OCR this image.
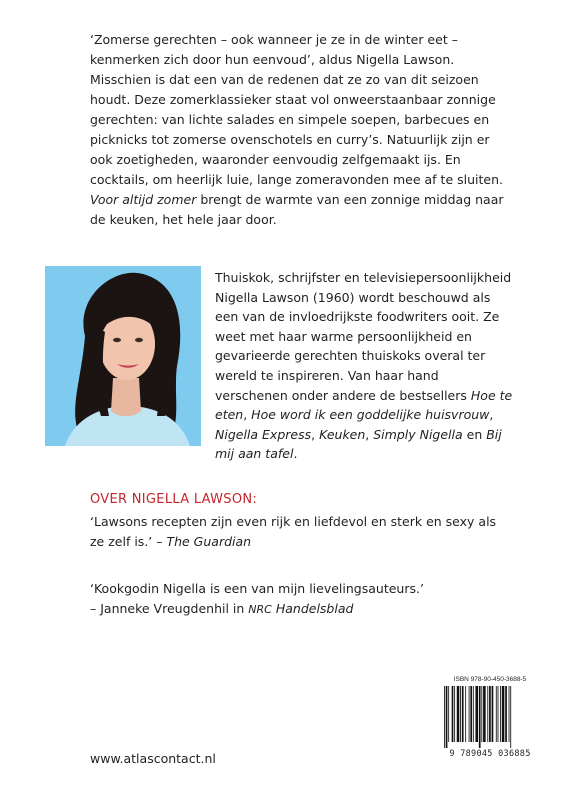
‘Zomerse gerechten – ook wanneer je ze in de winter eet – kenmerken zich door hun eenvoud’, aldus Nigella Lawson. Misschien is dat een van de redenen dat ze zo van dit seizoen houdt. Deze zomerklassieker staat vol onweerstaanbaar zonnige gerechten: van lichte salades en simpele soepen, barbecues en picknicks tot zomerse ovenschotels en curry’s. Natuurlijk zijn er ook zoetigheden, waaronder eenvoudig zelfgemaakt ijs. En cocktails, om heerlijk luie, lange zomeravonden mee af te sluiten. Voor altijd zomer brengt de warmte van een zonnige middag naar de keuken, het hele jaar door.

Thuiskok, schrijfster en televisiepersoonlijkheid Nigella Lawson (1960) wordt beschouwd als een van de invloedrijkste foodwriters ooit. Ze weet met haar warme persoonlijkheid en gevarieerde gerechten thuiskoks overal ter wereld te inspireren. Van haar hand verschenen onder andere de bestsellers Hoe te eten, Hoe word ik een goddelijke huisvrouw, Nigella Express, Keuken, Simply Nigella en Bij mij aan tafel.

OVER NIGELLA LAWSON:

‘Lawsons recepten zijn even rijk en liefdevol en sterk en sexy als ze zelf is.’ – The Guardian

‘Kookgodin Nigella is een van mijn lievelingsauteurs.’

– Janneke Vreugdenhil in NRC Handelsblad

ISBN 978-90-450-3688-5
9 789045 036885
www.atlascontact.nl
